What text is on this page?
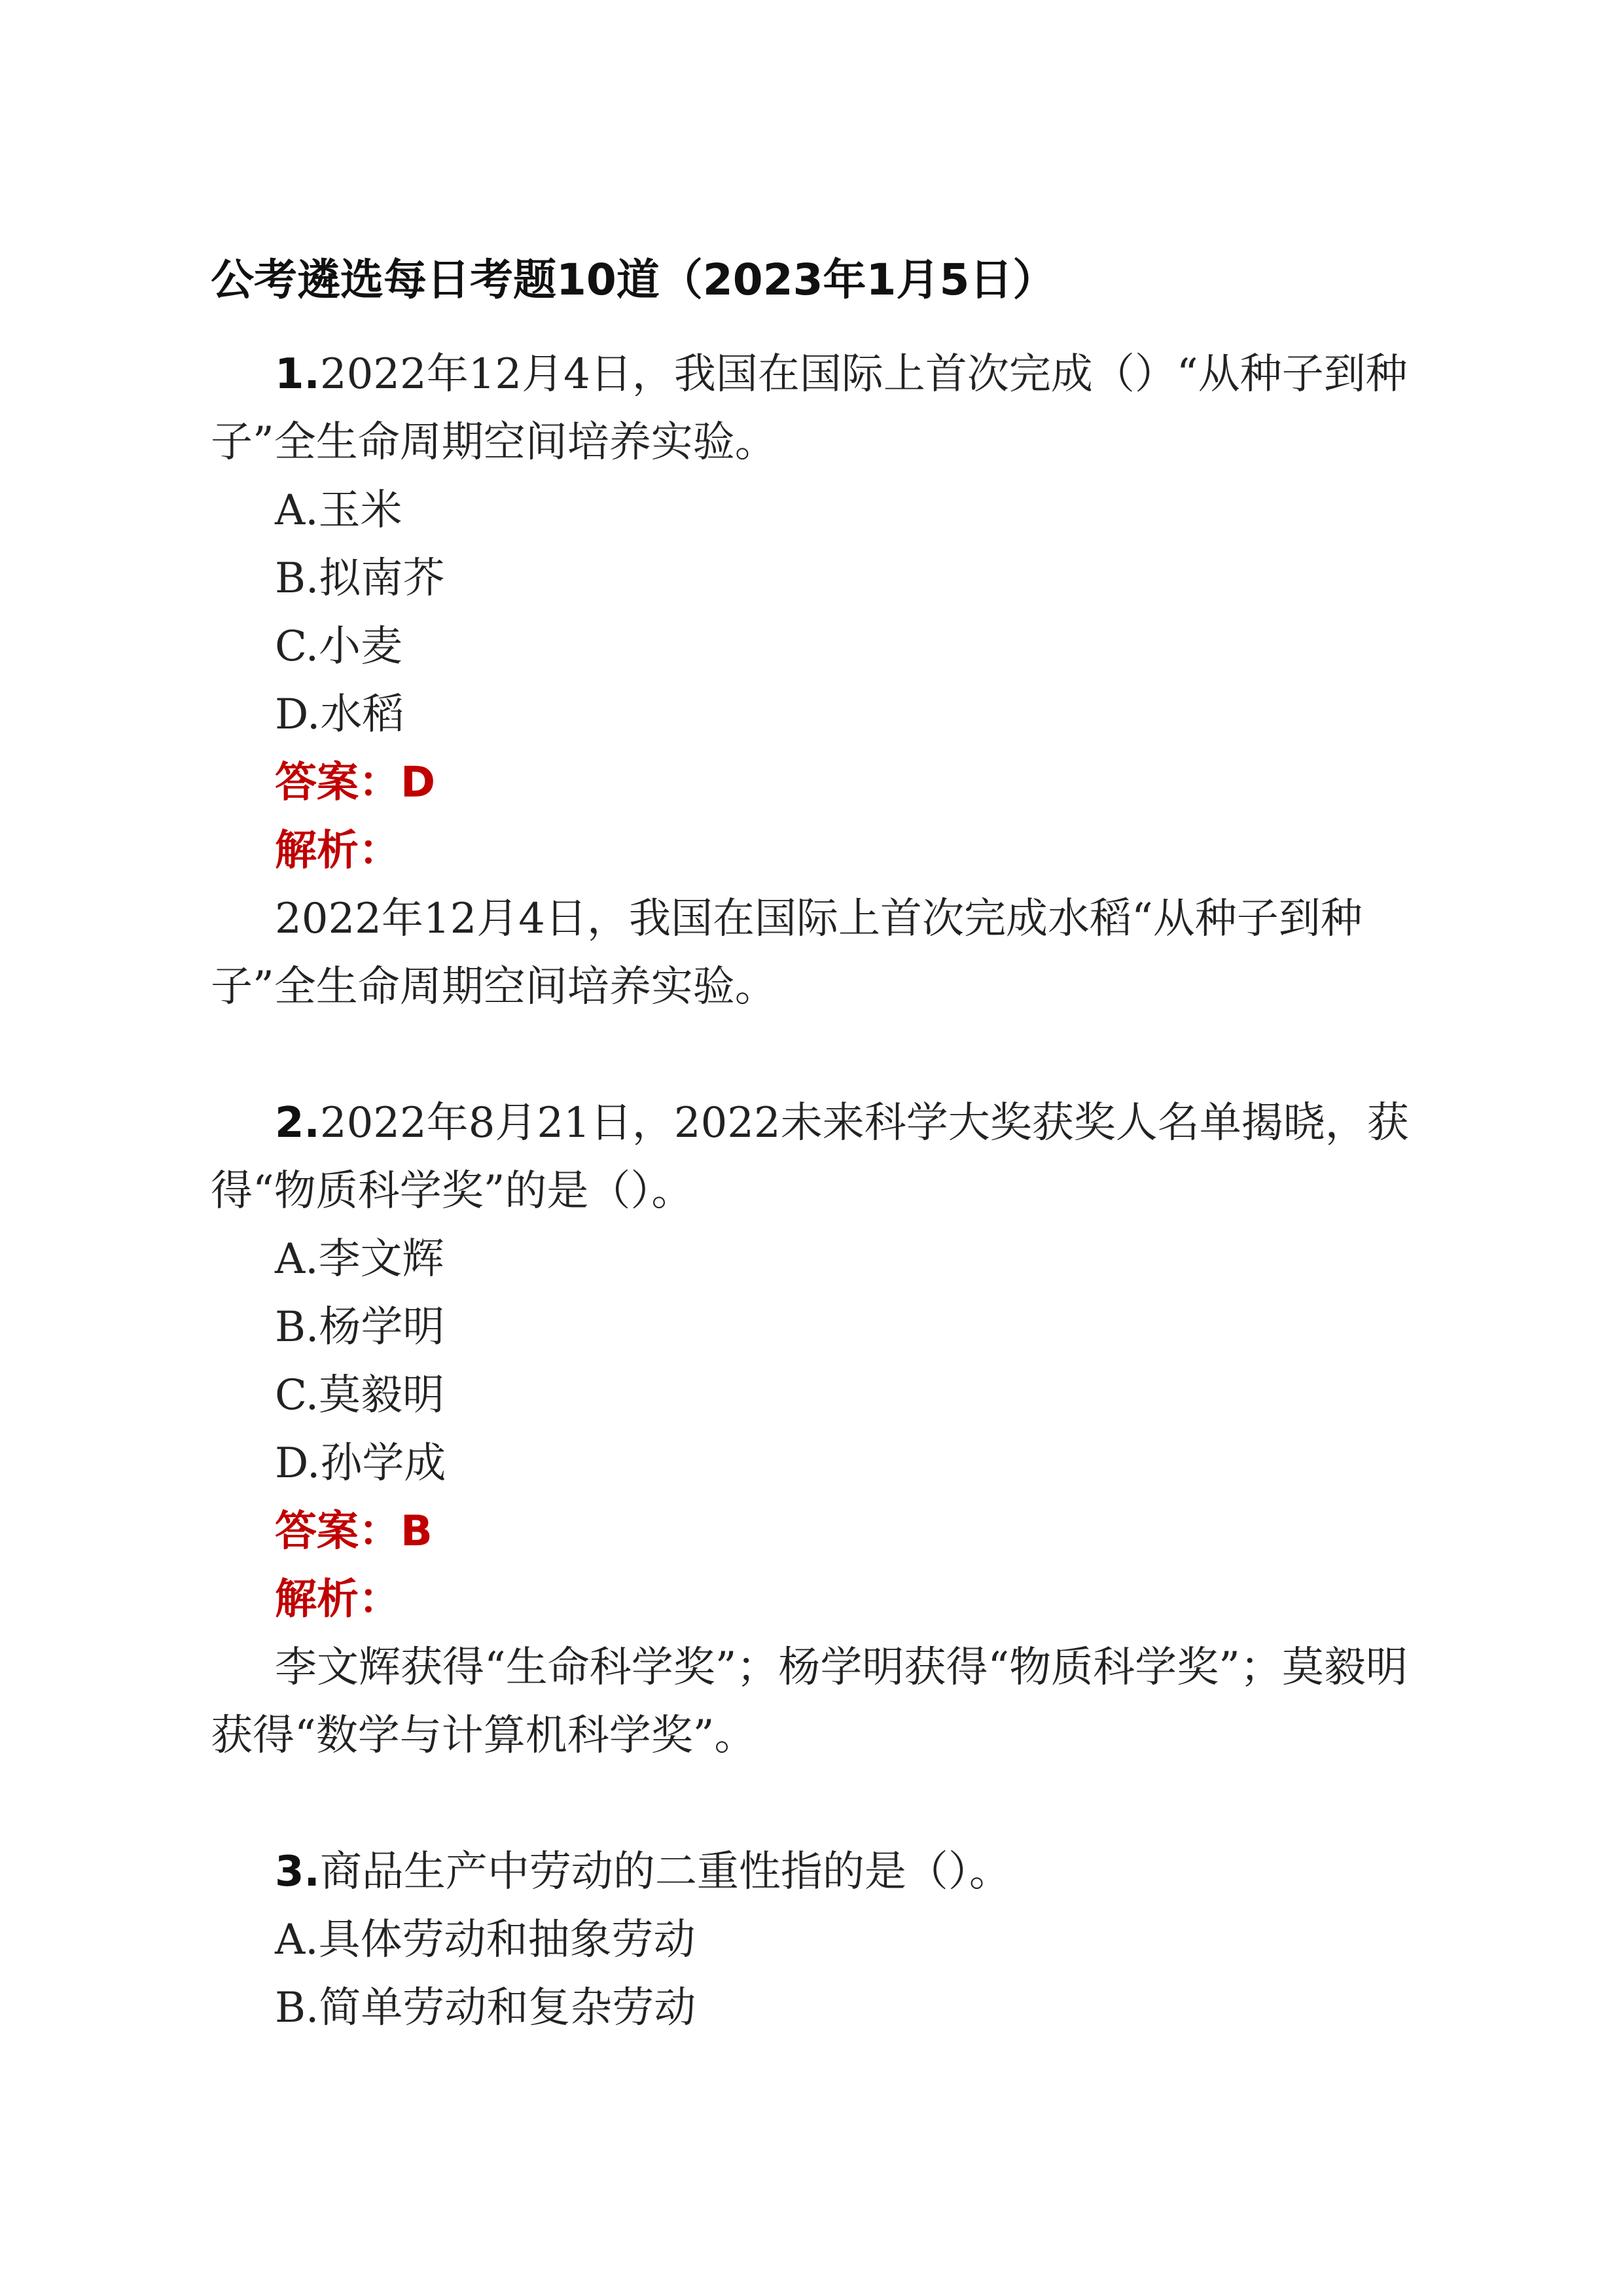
公考遴选每日考题10道（2023年1月5日）

1.2022年12月4日，我国在国际上首次完成（）“从种子到种子”全生命周期空间培养实验。

A.玉米
B.拟南芥
C.小麦
D.水稻

答案：D

解析：

2022年12月4日，我国在国际上首次完成水稻“从种子到种子”全生命周期空间培养实验。

2.2022年8月21日，2022未来科学大奖获奖人名单揭晓，获得“物质科学奖”的是（）。

A.李文辉
B.杨学明
C.莫毅明
D.孙学成

答案：B

解析：

李文辉获得“生命科学奖”；杨学明获得“物质科学奖”；莫毅明获得“数学与计算机科学奖”。

3.商品生产中劳动的二重性指的是（）。

A.具体劳动和抽象劳动
B.简单劳动和复杂劳动
